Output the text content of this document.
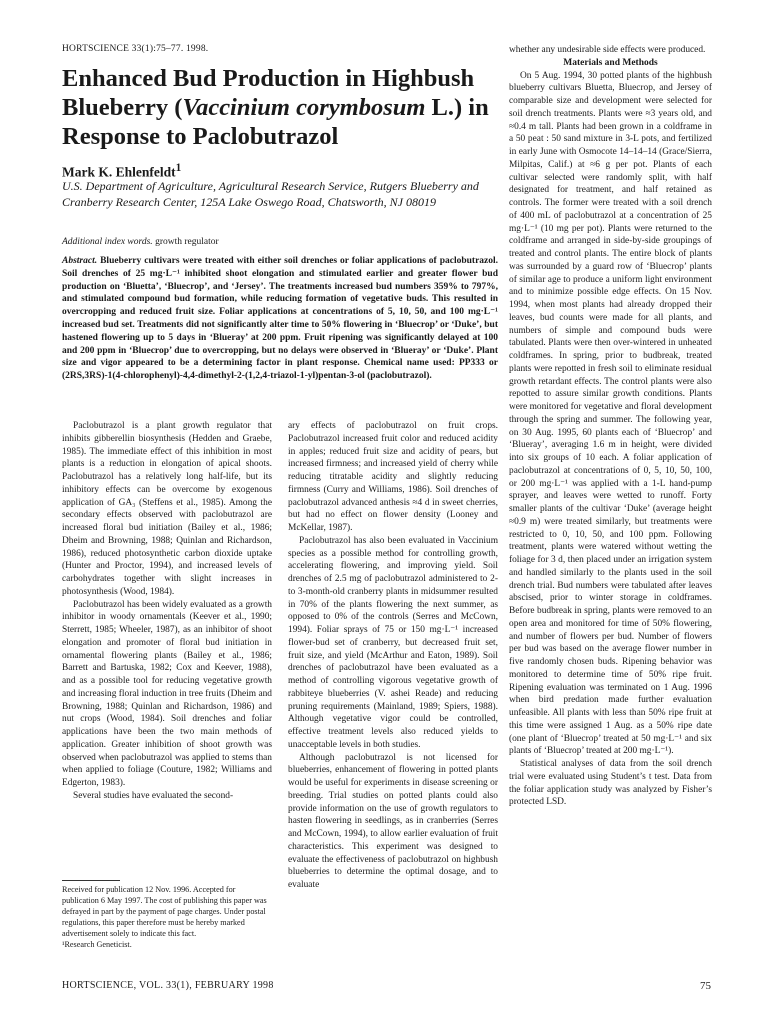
HORTSCIENCE 33(1):75–77. 1998.
Enhanced Bud Production in Highbush Blueberry (Vaccinium corymbosum L.) in Response to Paclobutrazol
Mark K. Ehlenfeldt$^1$
U.S. Department of Agriculture, Agricultural Research Service, Rutgers Blueberry and Cranberry Research Center, 125A Lake Oswego Road, Chatsworth, NJ 08019
Additional index words. growth regulator
Abstract. Blueberry cultivars were treated with either soil drenches or foliar applications of paclobutrazol. Soil drenches of 25 mg·L⁻¹ inhibited shoot elongation and stimulated earlier and greater flower bud production on ‘Bluetta’, ‘Bluecrop’, and ‘Jersey’. The treatments increased bud numbers 359% to 797%, and stimulated compound bud formation, while reducing formation of vegetative buds. This resulted in overcropping and reduced fruit size. Foliar applications at concentrations of 5, 10, 50, and 100 mg·L⁻¹ increased bud set. Treatments did not significantly alter time to 50% flowering in ‘Bluecrop’ or ‘Duke’, but hastened flowering up to 5 days in ‘Blueray’ at 200 ppm. Fruit ripening was significantly delayed at 100 and 200 ppm in ‘Bluecrop’ due to overcropping, but no delays were observed in ‘Blueray’ or ‘Duke’. Plant size and vigor appeared to be a determining factor in plant response. Chemical name used: PP333 or (2RS,3RS)-1(4-chlorophenyl)-4,4-dimethyl-2-(1,2,4-triazol-1-yl)pentan-3-ol (paclobutrazol).

Paclobutrazol is a plant growth regulator that inhibits gibberellin biosynthesis (Hedden and Graebe, 1985). The immediate effect of this inhibition in most plants is a reduction in elongation of apical shoots. Paclobutrazol has a relatively long half-life, but its inhibitory effects can be overcome by exogenous application of GA₃ (Steffens et al., 1985). Among the secondary effects observed with paclobutrazol are increased floral bud initiation (Bailey et al., 1986; Dheim and Browning, 1988; Quinlan and Richardson, 1986), reduced photosynthetic carbon dioxide uptake (Hunter and Proctor, 1994), and increased levels of carbohydrates together with slight increases in photosynthesis (Wood, 1984).

Paclobutrazol has been widely evaluated as a growth inhibitor in woody ornamentals (Keever et al., 1990; Sterrett, 1985; Wheeler, 1987), as an inhibitor of shoot elongation and promoter of floral bud initiation in ornamental flowering plants (Bailey et al., 1986; Barrett and Bartuska, 1982; Cox and Keever, 1988), and as a possible tool for reducing vegetative growth and increasing floral induction in tree fruits (Dheim and Browning, 1988; Quinlan and Richardson, 1986) and nut crops (Wood, 1984). Soil drenches and foliar applications have been the two main methods of application. Greater inhibition of shoot growth was observed when paclobutrazol was applied to stems than when applied to foliage (Couture, 1982; Williams and Edgerton, 1983).

Several studies have evaluated the second-

ary effects of paclobutrazol on fruit crops. Paclobutrazol increased fruit color and reduced acidity in apples; reduced fruit size and acidity of pears, but increased firmness; and increased yield of cherry while reducing titratable acidity and slightly reducing firmness (Curry and Williams, 1986). Soil drenches of paclobutrazol advanced anthesis ≈4 d in sweet cherries, but had no effect on flower density (Looney and McKellar, 1987).

Paclobutrazol has also been evaluated in Vaccinium species as a possible method for controlling growth, accelerating flowering, and improving yield. Soil drenches of 2.5 mg of paclobutrazol administered to 2- to 3-month-old cranberry plants in midsummer resulted in 70% of the plants flowering the next summer, as opposed to 0% of the controls (Serres and McCown, 1994). Foliar sprays of 75 or 150 mg·L⁻¹ increased flower-bud set of cranberry, but decreased fruit set, fruit size, and yield (McArthur and Eaton, 1989). Soil drenches of paclobutrazol have been evaluated as a method of controlling vigorous vegetative growth of rabbiteye blueberries (V. ashei Reade) and reducing pruning requirements (Mainland, 1989; Spiers, 1988). Although vegetative vigor could be controlled, effective treatment levels also reduced yields to unacceptable levels in both studies.

Although paclobutrazol is not licensed for blueberries, enhancement of flowering in potted plants would be useful for experiments in disease screening or breeding. Trial studies on potted plants could also provide information on the use of growth regulators to hasten flowering in seedlings, as in cranberries (Serres and McCown, 1994), to allow earlier evaluation of fruit characteristics. This experiment was designed to evaluate the effectiveness of paclobutrazol on highbush blueberries to determine the optimal dosage, and to evaluate

whether any undesirable side effects were produced.

Materials and Methods

On 5 Aug. 1994, 30 potted plants of the highbush blueberry cultivars Bluetta, Bluecrop, and Jersey of comparable size and development were selected for soil drench treatments. Plants were ≈3 years old, and ≈0.4 m tall. Plants had been grown in a coldframe in a 50 peat : 50 sand mixture in 3-L pots, and fertilized in early June with Osmocote 14–14–14 (Grace/Sierra, Milpitas, Calif.) at ≈6 g per pot. Plants of each cultivar selected were randomly split, with half designated for treatment, and half retained as controls. The former were treated with a soil drench of 400 mL of paclobutrazol at a concentration of 25 mg·L⁻¹ (10 mg per pot). Plants were returned to the coldframe and arranged in side-by-side groupings of treated and control plants. The entire block of plants was surrounded by a guard row of ‘Bluecrop’ plants of similar age to produce a uniform light environment and to minimize possible edge effects. On 15 Nov. 1994, when most plants had already dropped their leaves, bud counts were made for all plants, and numbers of simple and compound buds were tabulated. Plants were then over-wintered in unheated coldframes. In spring, prior to budbreak, treated plants were repotted in fresh soil to eliminate residual growth retardant effects. The control plants were also repotted to assure similar growth conditions. Plants were monitored for vegetative and floral development through the spring and summer. The following year, on 30 Aug. 1995, 60 plants each of ‘Bluecrop’ and ‘Blueray’, averaging 1.6 m in height, were divided into six groups of 10 each. A foliar application of paclobutrazol at concentrations of 0, 5, 10, 50, 100, or 200 mg·L⁻¹ was applied with a 1-L hand-pump sprayer, and leaves were wetted to runoff. Forty smaller plants of the cultivar ‘Duke’ (average height ≈0.9 m) were treated similarly, but treatments were restricted to 0, 10, 50, and 100 ppm. Following treatment, plants were watered without wetting the foliage for 3 d, then placed under an irrigation system and handled similarly to the plants used in the soil drench trial. Bud numbers were tabulated after leaves abscised, prior to winter storage in coldframes. Before budbreak in spring, plants were removed to an open area and monitored for time of 50% flowering, and number of flowers per bud. Number of flowers per bud was based on the average flower number in five randomly chosen buds. Ripening behavior was monitored to determine time of 50% ripe fruit. Ripening evaluation was terminated on 1 Aug. 1996 when bird predation made further evaluation unfeasible. All plants with less than 50% ripe fruit at this time were assigned 1 Aug. as a 50% ripe date (one plant of ‘Bluecrop’ treated at 50 mg·L⁻¹ and six plants of ‘Bluecrop’ treated at 200 mg·L⁻¹).

Statistical analyses of data from the soil drench trial were evaluated using Student’s t test. Data from the foliar application study was analyzed by Fisher’s protected LSD.

Received for publication 12 Nov. 1996. Accepted for publication 6 May 1997. The cost of publishing this paper was defrayed in part by the payment of page charges. Under postal regulations, this paper therefore must be hereby marked advertisement solely to indicate this fact.
¹Research Geneticist.
HORTSCIENCE, VOL. 33(1), FEBRUARY 1998	75
